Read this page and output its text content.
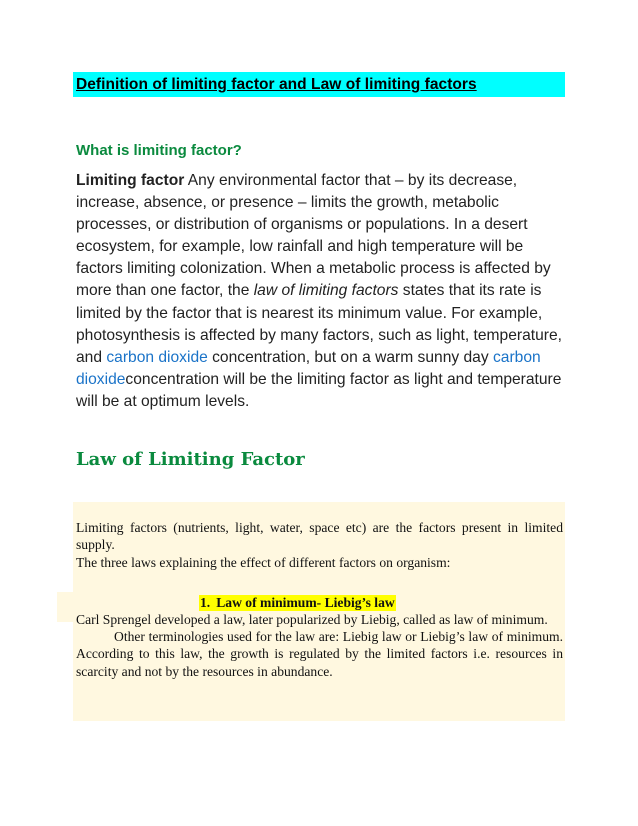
Definition of limiting factor and Law of limiting factors
What is limiting factor?
Limiting factor Any environmental factor that – by its decrease, increase, absence, or presence – limits the growth, metabolic processes, or distribution of organisms or populations. In a desert ecosystem, for example, low rainfall and high temperature will be factors limiting colonization. When a metabolic process is affected by more than one factor, the law of limiting factors states that its rate is limited by the factor that is nearest its minimum value. For example, photosynthesis is affected by many factors, such as light, temperature, and carbon dioxide concentration, but on a warm sunny day carbon dioxideconcentration will be the limiting factor as light and temperature will be at optimum levels.
Law of Limiting Factor

Limiting factors (nutrients, light, water, space etc) are the factors present in limited supply.

The three laws explaining the effect of different factors on organism:

Carl Sprengel developed a law, later popularized by Liebig, called as law of minimum.

Other terminologies used for the law are: Liebig law or Liebig’s law of minimum. According to this law, the growth is regulated by the limited factors i.e. resources in scarcity and not by the resources in abundance.

1. Law of minimum- Liebig’s law
